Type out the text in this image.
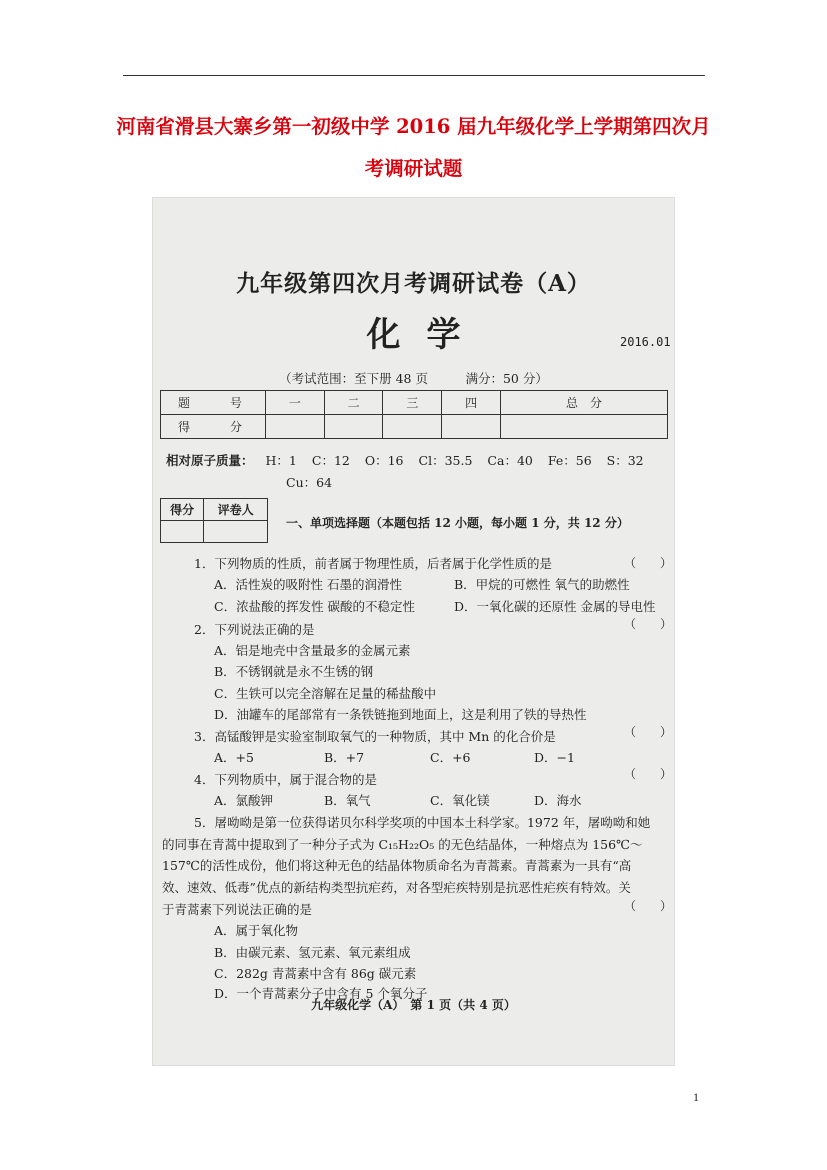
河南省滑县大寨乡第一初级中学 2016 届九年级化学上学期第四次月
考调研试题
九年级第四次月考调研试卷（A）
化学	2016.01
（考试范围：至下册 48 页　　　满分：50 分）
题　号	一	二	三	四	总　分
得　分					
相对原子质量： H：1 C：12 O：16 Cl：35.5 Ca：40 Fe：56 S：32
Cu：64
得分	评卷人

一、单项选择题（本题包括 12 小题，每小题 1 分，共 12 分）
1．下列物质的性质，前者属于物理性质，后者属于化学性质的是	（　　）
A．活性炭的吸附性 石墨的润滑性	B．甲烷的可燃性 氧气的助燃性
C．浓盐酸的挥发性 碳酸的不稳定性	D．一氧化碳的还原性 金属的导电性
2．下列说法正确的是	（　　）
A．铝是地壳中含量最多的金属元素
B．不锈钢就是永不生锈的钢
C．生铁可以完全溶解在足量的稀盐酸中
D．油罐车的尾部常有一条铁链拖到地面上，这是利用了铁的导热性
3．高锰酸钾是实验室制取氧气的一种物质，其中 Mn 的化合价是	（　　）
A．+5	B．+7	C．+6	D．−1
4．下列物质中，属于混合物的是	（　　）
A．氯酸钾	B．氧气	C．氧化镁	D．海水
5．屠呦呦是第一位获得诺贝尔科学奖项的中国本土科学家。1972 年，屠呦呦和她
的同事在青蒿中提取到了一种分子式为 C₁₅H₂₂O₅ 的无色结晶体，一种熔点为 156℃～
157℃的活性成份，他们将这种无色的结晶体物质命名为青蒿素。青蒿素为一具有“高
效、速效、低毒”优点的新结构类型抗疟药，对各型疟疾特别是抗恶性疟疾有特效。关
于青蒿素下列说法正确的是	（　　）
A．属于氧化物
B．由碳元素、氢元素、氧元素组成
C．282g 青蒿素中含有 86g 碳元素
D．一个青蒿素分子中含有 5 个氧分子
九年级化学（A）　第 1 页（共 4 页）
1
